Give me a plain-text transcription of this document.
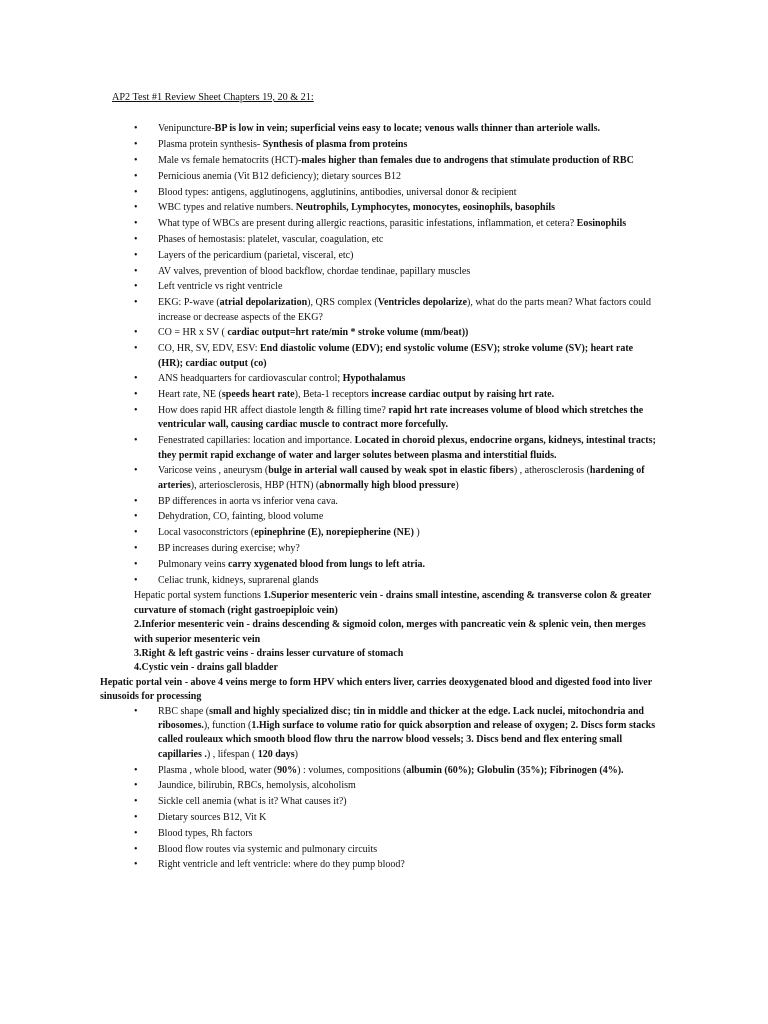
AP2 Test #1 Review Sheet Chapters 19, 20 & 21:
• Venipuncture-BP is low in vein; superficial veins easy to locate; venous walls thinner than arteriole walls.
• Plasma protein synthesis- Synthesis of plasma from proteins
• Male vs female hematocrits (HCT)-males higher than females due to androgens that stimulate production of RBC
• Pernicious anemia (Vit B12 deficiency); dietary sources B12
• Blood types: antigens, agglutinogens, agglutinins, antibodies, universal donor & recipient
• WBC types and relative numbers. Neutrophils, Lymphocytes, monocytes, eosinophils, basophils
• What type of WBCs are present during allergic reactions, parasitic infestations, inflammation, et cetera? Eosinophils
• Phases of hemostasis: platelet, vascular, coagulation, etc
• Layers of the pericardium (parietal, visceral, etc)
• AV valves, prevention of blood backflow, chordae tendinae, papillary muscles
• Left ventricle vs right ventricle
• EKG: P-wave (atrial depolarization), QRS complex (Ventricles depolarize), what do the parts mean? What factors could increase or decrease aspects of the EKG?
• CO = HR x SV ( cardiac output=hrt rate/min * stroke volume (mm/beat))
• CO, HR, SV, EDV, ESV: End diastolic volume (EDV); end systolic volume (ESV); stroke volume (SV); heart rate (HR); cardiac output (co)
• ANS headquarters for cardiovascular control; Hypothalamus
• Heart rate, NE (speeds heart rate), Beta-1 receptors increase cardiac output by raising hrt rate.
• How does rapid HR affect diastole length & filling time? rapid hrt rate increases volume of blood which stretches the ventricular wall, causing cardiac muscle to contract more forcefully.
• Fenestrated capillaries: location and importance. Located in choroid plexus, endocrine organs, kidneys, intestinal tracts; they permit rapid exchange of water and larger solutes between plasma and interstitial fluids.
• Varicose veins , aneurysm (bulge in arterial wall caused by weak spot in elastic fibers) , atherosclerosis (hardening of arteries), arteriosclerosis, HBP (HTN) (abnormally high blood pressure)
• BP differences in aorta vs inferior vena cava.
• Dehydration, CO, fainting, blood volume
• Local vasoconstrictors (epinephrine (E), norepiepherine (NE) )
• BP increases during exercise; why?
• Pulmonary veins carry xygenated blood from lungs to left atria.
• Celiac trunk, kidneys, suprarenal glands

Hepatic portal system functions 1.Superior mesenteric vein - drains small intestine, ascending & transverse colon & greater curvature of stomach (right gastroepiploic vein)

2.Inferior mesenteric vein - drains descending & sigmoid colon, merges with pancreatic vein & splenic vein, then merges with superior mesenteric vein

3.Right & left gastric veins - drains lesser curvature of stomach

4.Cystic vein - drains gall bladder

Hepatic portal vein - above 4 veins merge to form HPV which enters liver, carries deoxygenated blood and digested food into liver sinusoids for processing

• RBC shape (small and highly specialized disc; tin in middle and thicker at the edge. Lack nuclei, mitochondria and ribosomes.), function (1.High surface to volume ratio for quick absorption and release of oxygen; 2. Discs form stacks called rouleaux which smooth blood flow thru the narrow blood vessels; 3. Discs bend and flex entering small capillaries .) , lifespan ( 120 days)
• Plasma , whole blood, water (90%) : volumes, compositions (albumin (60%); Globulin (35%); Fibrinogen (4%).
• Jaundice, bilirubin, RBCs, hemolysis, alcoholism
• Sickle cell anemia (what is it? What causes it?)
• Dietary sources B12, Vit K
• Blood types, Rh factors
• Blood flow routes via systemic and pulmonary circuits
• Right ventricle and left ventricle: where do they pump blood?
